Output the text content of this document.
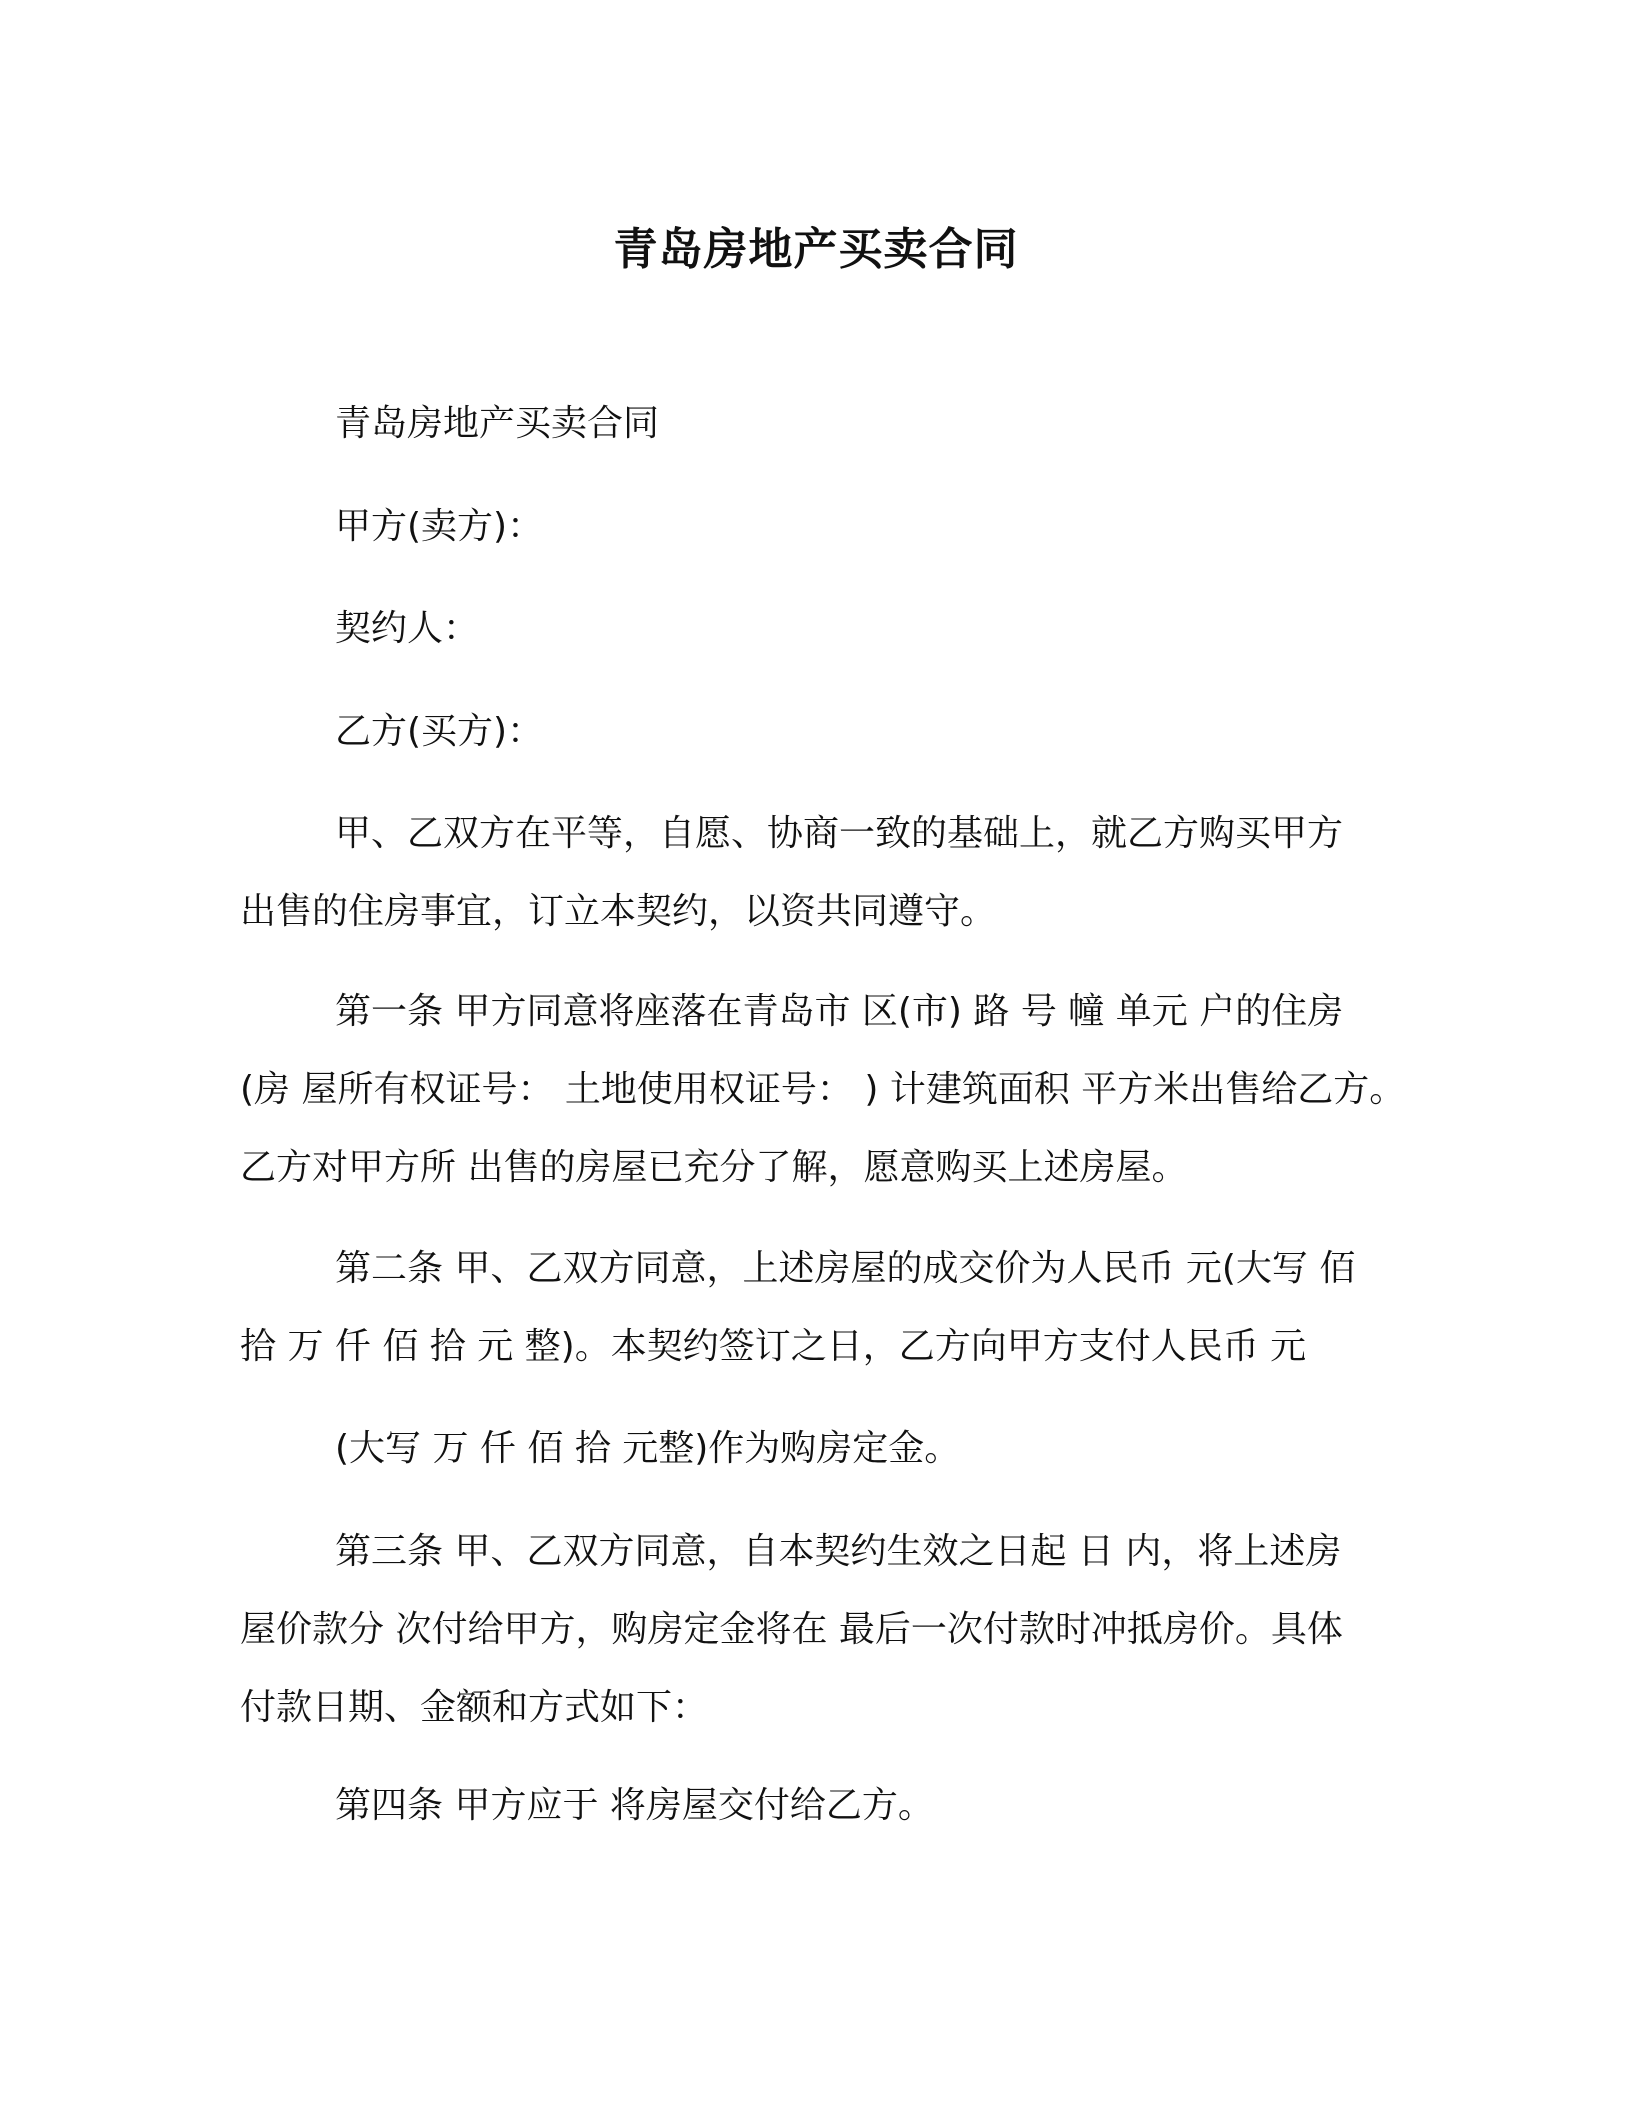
青岛房地产买卖合同
青岛房地产买卖合同
甲方(卖方)：
契约人：
乙方(买方)：
甲、乙双方在平等，自愿、协商一致的基础上，就乙方购买甲方
出售的住房事宜，订立本契约，以资共同遵守。
第一条 甲方同意将座落在青岛市 区(市) 路 号 幢 单元 户的住房
(房 屋所有权证号： 土地使用权证号： ) 计建筑面积 平方米出售给乙方。
乙方对甲方所 出售的房屋已充分了解，愿意购买上述房屋。
第二条 甲、乙双方同意，上述房屋的成交价为人民币 元(大写 佰
拾 万 仟 佰 拾 元 整)。本契约签订之日，乙方向甲方支付人民币 元
(大写 万 仟 佰 拾 元整)作为购房定金。
第三条 甲、乙双方同意，自本契约生效之日起 日 内，将上述房
屋价款分 次付给甲方，购房定金将在 最后一次付款时冲抵房价。具体
付款日期、金额和方式如下：
第四条 甲方应于 将房屋交付给乙方。
